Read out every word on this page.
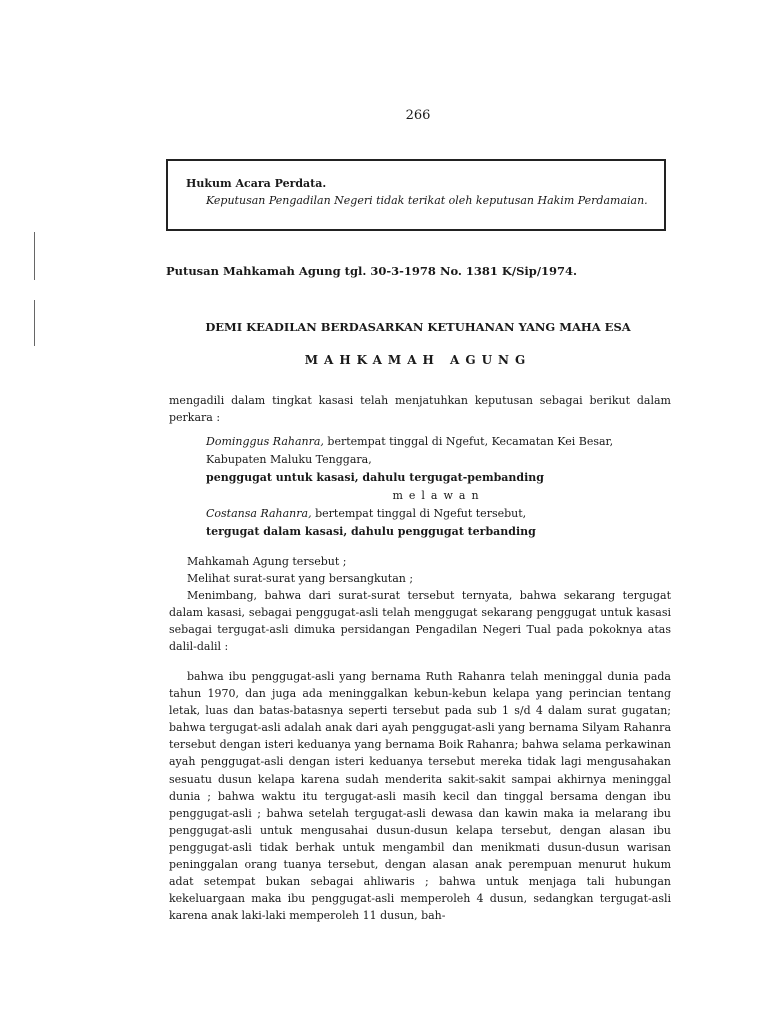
266
Hukum Acara Perdata.
Keputusan Pengadilan Negeri tidak terikat oleh keputusan Hakim Perdamaian.
Putusan Mahkamah Agung tgl. 30-3-1978 No. 1381 K/Sip/1974.
DEMI KEADILAN BERDASARKAN KETUHANAN YANG MAHA ESA
MAHKAMAH AGUNG
mengadili dalam tingkat kasasi telah menjatuhkan keputusan sebagai berikut dalam perkara :
Dominggus Rahanra, bertempat tinggal di Ngefut, Kecamatan Kei Besar,
Kabupaten Maluku Tenggara,
penggugat untuk kasasi, dahulu tergugat-pembanding
melawan
Costansa Rahanra, bertempat tinggal di Ngefut tersebut,
tergugat dalam kasasi, dahulu penggugat terbanding
Mahkamah Agung tersebut ;
Melihat surat-surat yang bersangkutan ;
Menimbang, bahwa dari surat-surat tersebut ternyata, bahwa sekarang tergugat dalam kasasi, sebagai penggugat-asli telah menggugat sekarang penggugat untuk kasasi sebagai tergugat-asli dimuka persidangan Pengadilan Negeri Tual pada pokoknya atas dalil-dalil :
bahwa ibu penggugat-asli yang bernama Ruth Rahanra telah meninggal dunia pada tahun 1970, dan juga ada meninggalkan kebun-kebun kelapa yang perincian tentang letak, luas dan batas-batasnya seperti tersebut pada sub 1 s/d 4 dalam surat gugatan; bahwa tergugat-asli adalah anak dari ayah penggugat-asli yang bernama Silyam Rahanra tersebut dengan isteri keduanya yang bernama Boik Rahanra; bahwa selama perkawinan ayah penggugat-asli dengan isteri keduanya tersebut mereka tidak lagi mengusahakan sesuatu dusun kelapa karena sudah menderita sakit-sakit sampai akhirnya meninggal dunia ; bahwa waktu itu tergugat-asli masih kecil dan tinggal bersama dengan ibu penggugat-asli ; bahwa setelah tergugat-asli dewasa dan kawin maka ia melarang ibu penggugat-asli untuk mengusahai dusun-dusun kelapa tersebut, dengan alasan ibu penggugat-asli tidak berhak untuk mengambil dan menikmati dusun-dusun warisan peninggalan orang tuanya tersebut, dengan alasan anak perempuan menurut hukum adat setempat bukan sebagai ahliwaris ; bahwa untuk menjaga tali hubungan kekeluargaan maka ibu penggugat-asli memperoleh 4 dusun, sedangkan tergugat-asli karena anak laki-laki memperoleh 11 dusun, bah-
